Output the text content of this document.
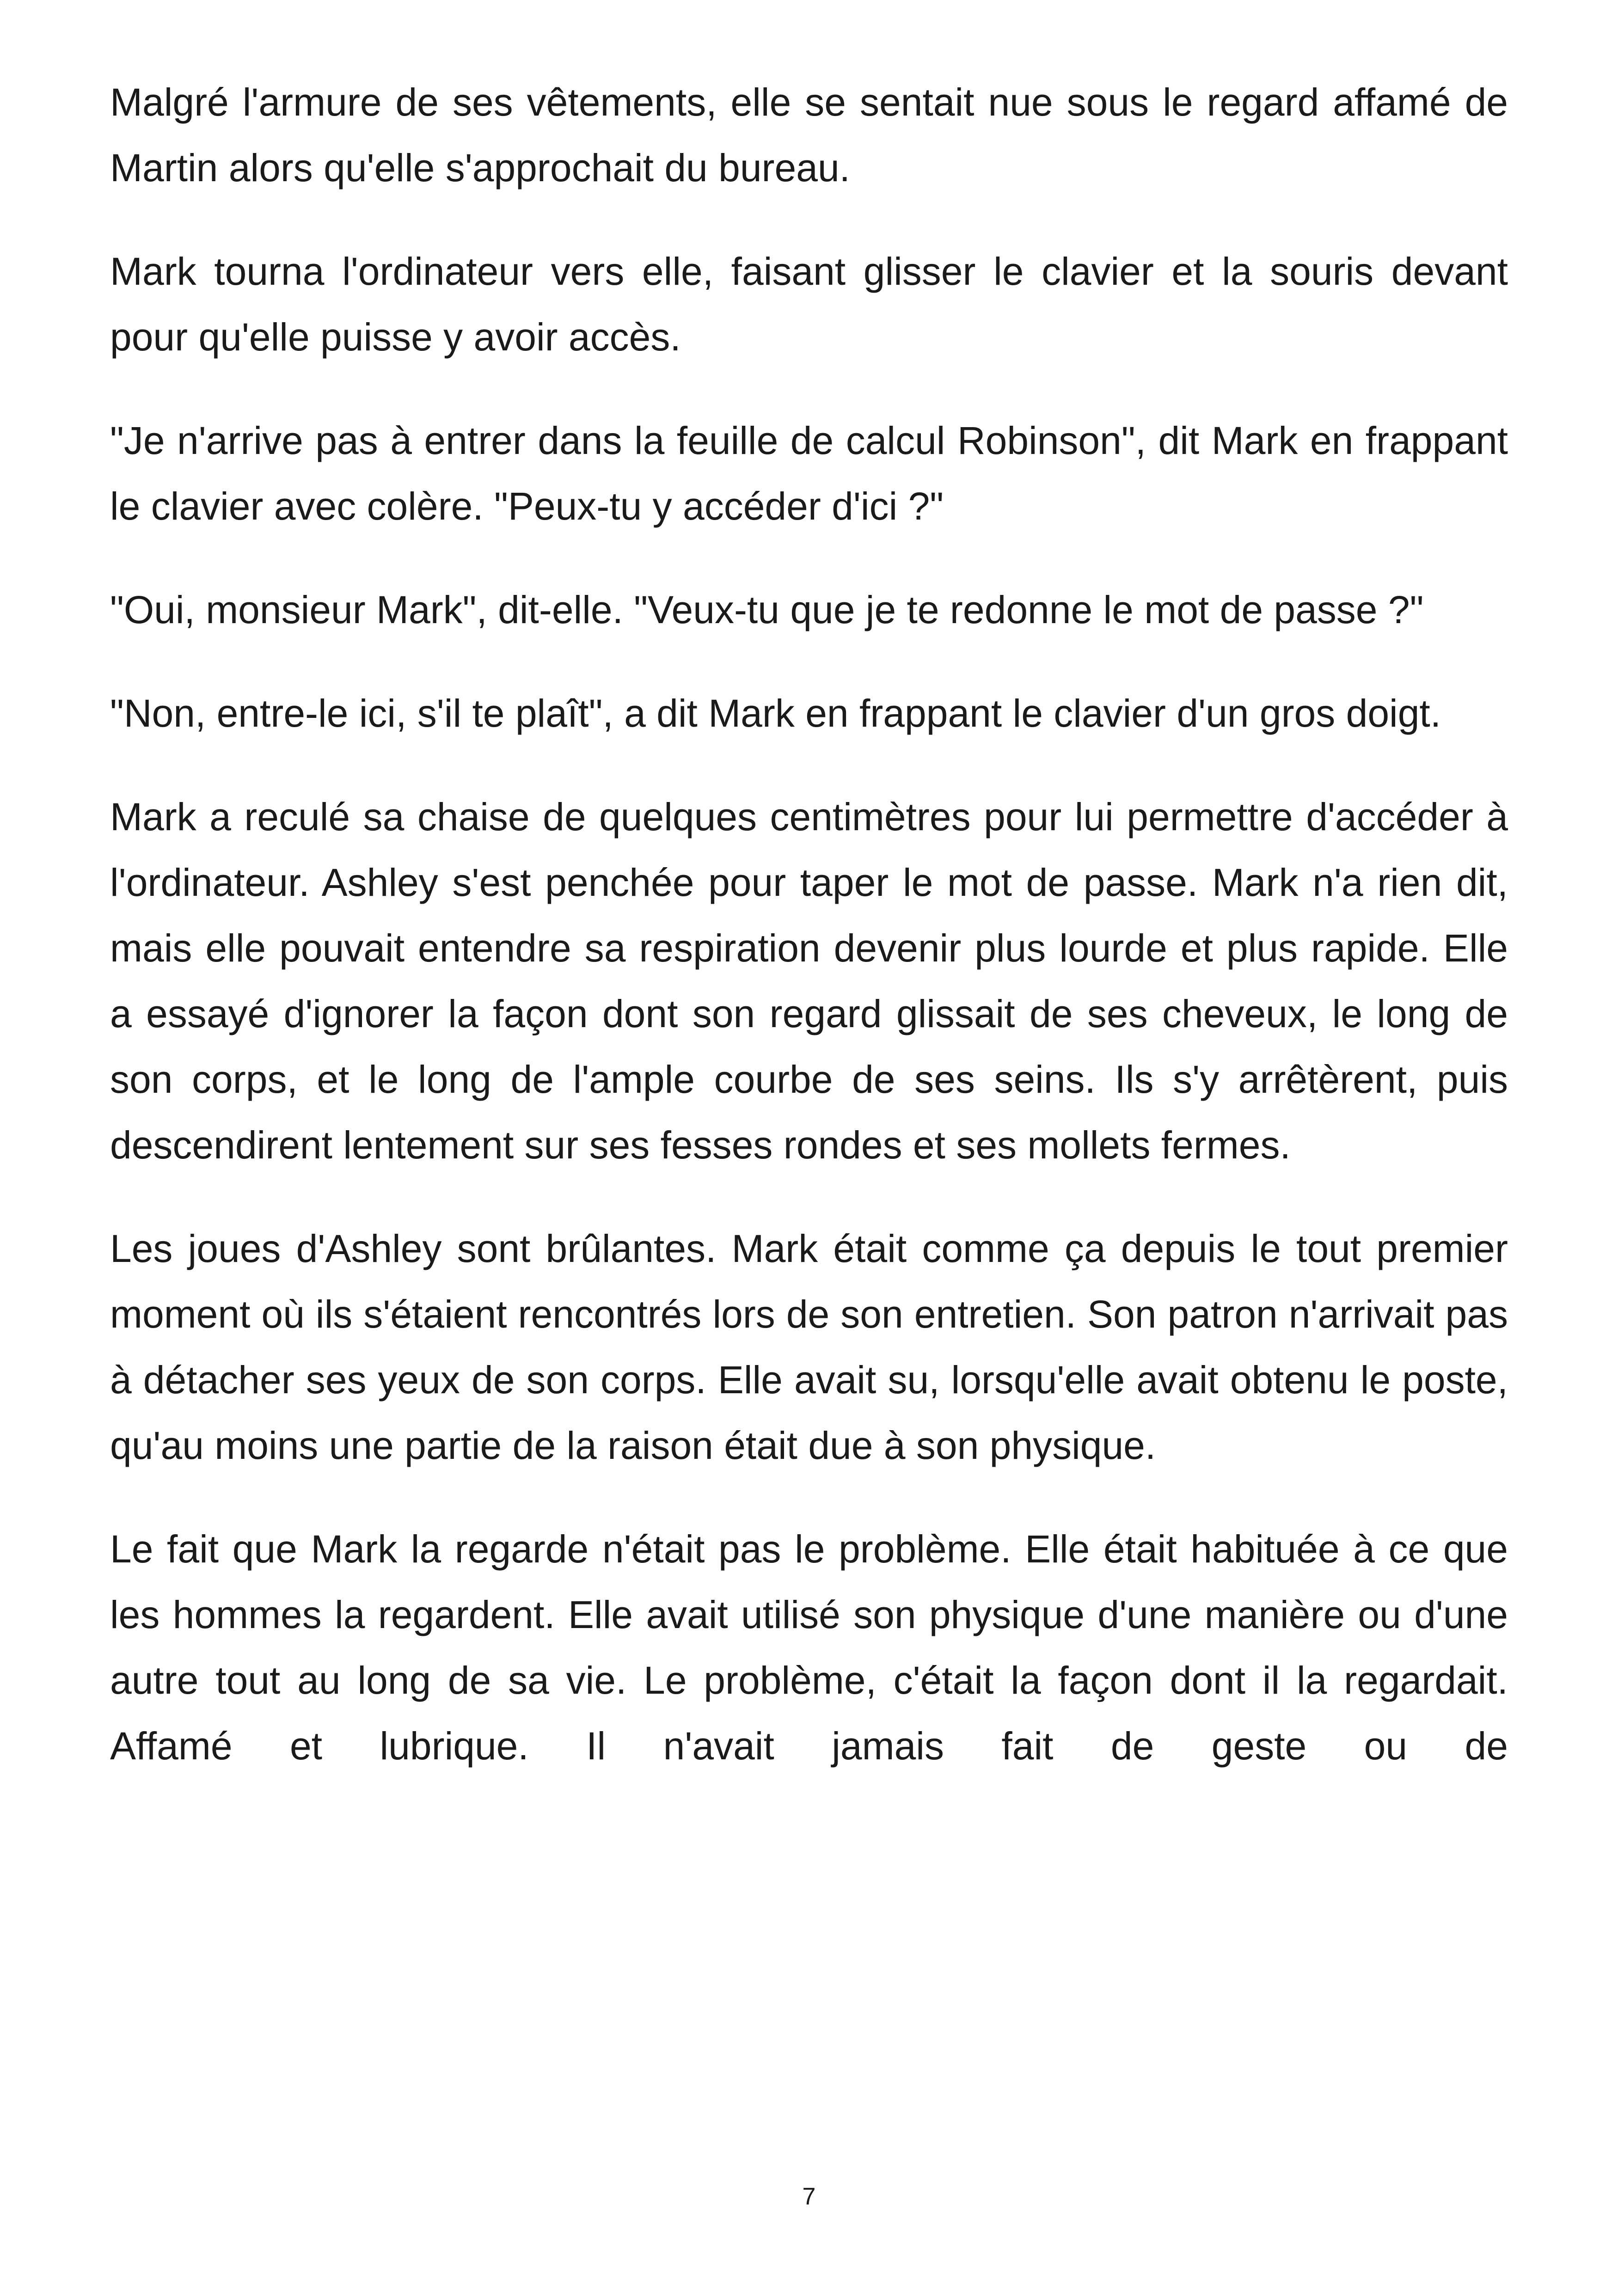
Malgré l'armure de ses vêtements, elle se sentait nue sous le regard affamé de Martin alors qu'elle s'approchait du bureau.

Mark tourna l'ordinateur vers elle, faisant glisser le clavier et la souris devant pour qu'elle puisse y avoir accès.

"Je n'arrive pas à entrer dans la feuille de calcul Robinson", dit Mark en frappant le clavier avec colère. "Peux-tu y accéder d'ici ?"

"Oui, monsieur Mark", dit-elle. "Veux-tu que je te redonne le mot de passe ?"

"Non, entre-le ici, s'il te plaît", a dit Mark en frappant le clavier d'un gros doigt.

Mark a reculé sa chaise de quelques centimètres pour lui permettre d'accéder à l'ordinateur. Ashley s'est penchée pour taper le mot de passe. Mark n'a rien dit, mais elle pouvait entendre sa respiration devenir plus lourde et plus rapide. Elle a essayé d'ignorer la façon dont son regard glissait de ses cheveux, le long de son corps, et le long de l'ample courbe de ses seins. Ils s'y arrêtèrent, puis descendirent lentement sur ses fesses rondes et ses mollets fermes.

Les joues d'Ashley sont brûlantes. Mark était comme ça depuis le tout premier moment où ils s'étaient rencontrés lors de son entretien. Son patron n'arrivait pas à détacher ses yeux de son corps. Elle avait su, lorsqu'elle avait obtenu le poste, qu'au moins une partie de la raison était due à son physique.

Le fait que Mark la regarde n'était pas le problème. Elle était habituée à ce que les hommes la regardent. Elle avait utilisé son physique d'une manière ou d'une autre tout au long de sa vie. Le problème, c'était la façon dont il la regardait. Affamé et lubrique. Il n'avait jamais fait de geste ou de

7
